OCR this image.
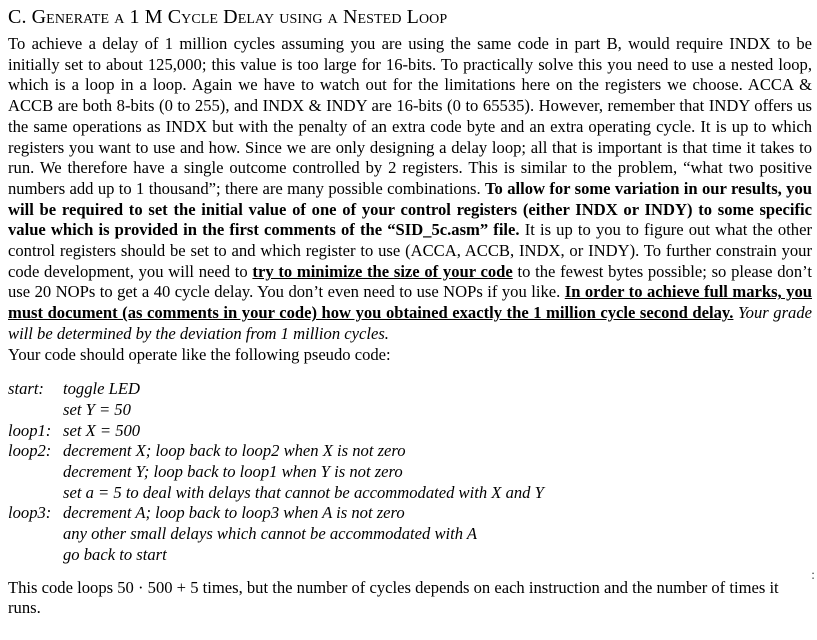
C. Generate a 1 M Cycle Delay using a Nested Loop

To achieve a delay of 1 million cycles assuming you are using the same code in part B, would require INDX to be initially set to about 125,000; this value is too large for 16-bits. To practically solve this you need to use a nested loop, which is a loop in a loop. Again we have to watch out for the limitations here on the registers we choose. ACCA & ACCB are both 8-bits (0 to 255), and INDX & INDY are 16-bits (0 to 65535). However, remember that INDY offers us the same operations as INDX but with the penalty of an extra code byte and an extra operating cycle. It is up to which registers you want to use and how. Since we are only designing a delay loop; all that is important is that time it takes to run. We therefore have a single outcome controlled by 2 registers. This is similar to the problem, “what two positive numbers add up to 1 thousand”; there are many possible combinations. To allow for some variation in our results, you will be required to set the initial value of one of your control registers (either INDX or INDY) to some specific value which is provided in the first comments of the “SID_5c.asm” file. It is up to you to figure out what the other control registers should be set to and which register to use (ACCA, ACCB, INDX, or INDY). To further constrain your code development, you will need to try to minimize the size of your code to the fewest bytes possible; so please don’t use 20 NOPs to get a 40 cycle delay. You don’t even need to use NOPs if you like. In order to achieve full marks, you must document (as comments in your code) how you obtained exactly the 1 million cycle second delay. Your grade will be determined by the deviation from 1 million cycles.

Your code should operate like the following pseudo code:

start:	toggle LED
set Y = 50
loop1: set X = 500
loop2: decrement X; loop back to loop2 when X is not zero
decrement Y; loop back to loop1 when Y is not zero
set a = 5 to deal with delays that cannot be accommodated with X and Y
loop3: decrement A; loop back to loop3 when A is not zero
any other small delays which cannot be accommodated with A
go back to start

This code loops 50 · 500 + 5 times, but the number of cycles depends on each instruction and the number of times it runs.

:
